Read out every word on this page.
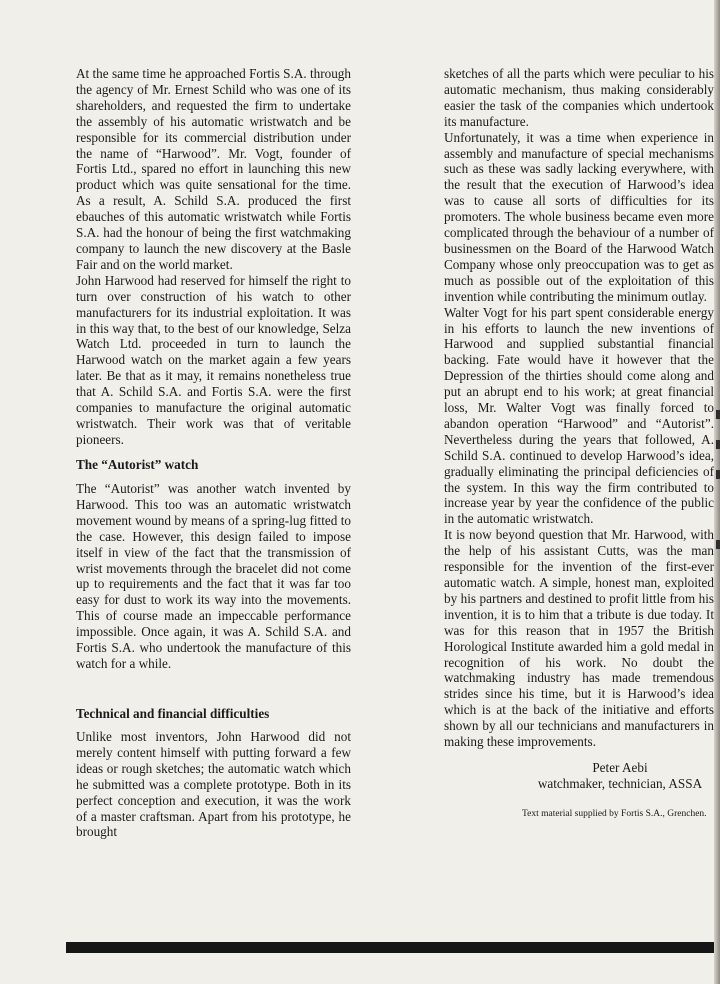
At the same time he approached Fortis S.A. through the agency of Mr. Ernest Schild who was one of its shareholders, and requested the firm to undertake the assembly of his automatic wristwatch and be responsible for its commercial distribution under the name of “Harwood”. Mr. Vogt, founder of Fortis Ltd., spared no effort in launching this new product which was quite sensational for the time. As a result, A. Schild S.A. produced the first ebauches of this automatic wristwatch while Fortis S.A. had the honour of being the first watchmaking company to launch the new discovery at the Basle Fair and on the world market.

John Harwood had reserved for himself the right to turn over construction of his watch to other manufacturers for its industrial exploitation. It was in this way that, to the best of our knowledge, Selza Watch Ltd. proceeded in turn to launch the Harwood watch on the market again a few years later. Be that as it may, it remains nonetheless true that A. Schild S.A. and Fortis S.A. were the first companies to manufacture the original automatic wristwatch. Their work was that of veritable pioneers.

The “Autorist” watch

The “Autorist” was another watch invented by Harwood. This too was an automatic wristwatch movement wound by means of a spring-lug fitted to the case. However, this design failed to impose itself in view of the fact that the transmission of wrist movements through the bracelet did not come up to requirements and the fact that it was far too easy for dust to work its way into the movements. This of course made an impeccable performance impossible. Once again, it was A. Schild S.A. and Fortis S.A. who undertook the manufacture of this watch for a while.

Technical and financial difficulties

Unlike most inventors, John Harwood did not merely content himself with putting forward a few ideas or rough sketches; the automatic watch which he submitted was a complete prototype. Both in its perfect conception and execution, it was the work of a master craftsman. Apart from his prototype, he brought

sketches of all the parts which were peculiar to his automatic mechanism, thus making considerably easier the task of the companies which undertook its manufacture.

Unfortunately, it was a time when experience in assembly and manufacture of special mechanisms such as these was sadly lacking everywhere, with the result that the execution of Harwood’s idea was to cause all sorts of difficulties for its promoters. The whole business became even more complicated through the behaviour of a number of businessmen on the Board of the Harwood Watch Company whose only preoccupation was to get as much as possible out of the exploitation of this invention while contributing the minimum outlay.

Walter Vogt for his part spent considerable energy in his efforts to launch the new inventions of Harwood and supplied substantial financial backing. Fate would have it however that the Depression of the thirties should come along and put an abrupt end to his work; at great financial loss, Mr. Walter Vogt was finally forced to abandon operation “Harwood” and “Autorist”. Nevertheless during the years that followed, A. Schild S.A. continued to develop Harwood’s idea, gradually eliminating the principal deficiencies of the system. In this way the firm contributed to increase year by year the confidence of the public in the automatic wristwatch.

It is now beyond question that Mr. Harwood, with the help of his assistant Cutts, was the man responsible for the invention of the first-ever automatic watch. A simple, honest man, exploited by his partners and destined to profit little from his invention, it is to him that a tribute is due today. It was for this reason that in 1957 the British Horological Institute awarded him a gold medal in recognition of his work. No doubt the watchmaking industry has made tremendous strides since his time, but it is Harwood’s idea which is at the back of the initiative and efforts shown by all our technicians and manufacturers in making these improvements.

Peter Aebi
watchmaker, technician, ASSA
Text material supplied by Fortis S.A., Grenchen.
